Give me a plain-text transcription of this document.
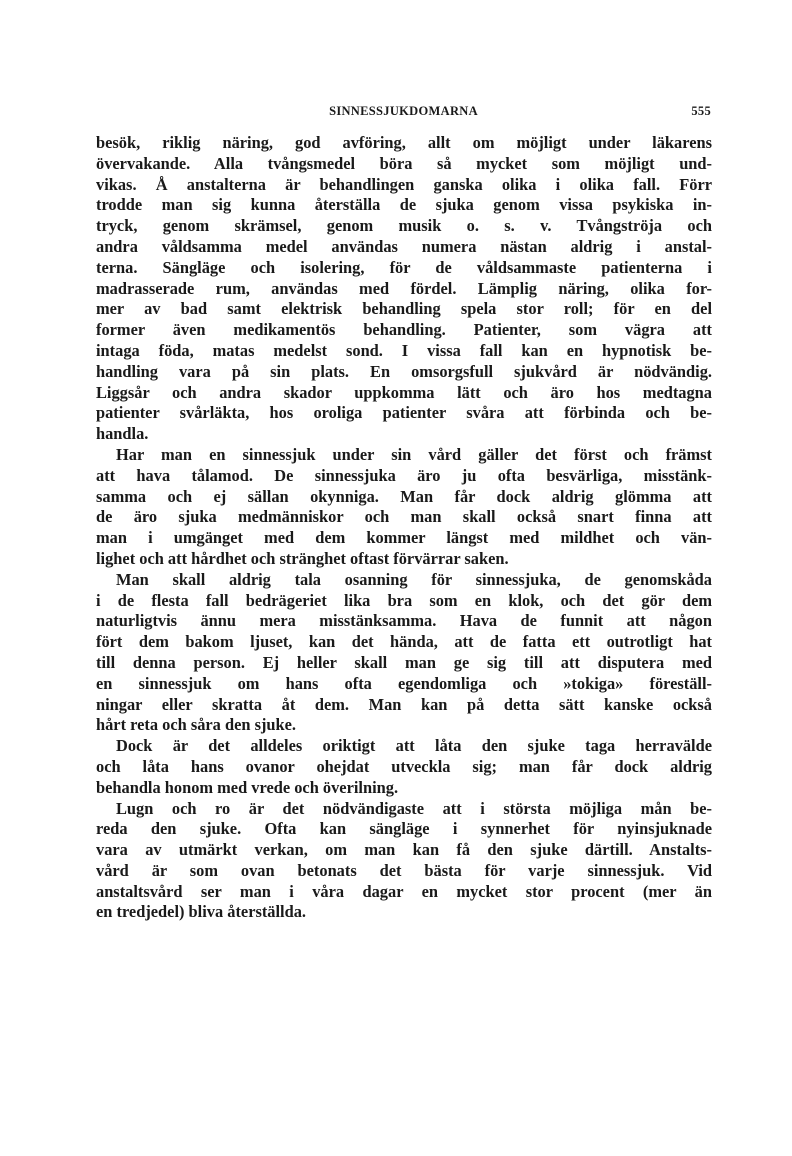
SINNESSJUKDOMARNA	555
besök, riklig näring, god avföring, allt om möjligt under läkarens
övervakande. Alla tvångsmedel böra så mycket som möjligt und-
vikas. Å anstalterna är behandlingen ganska olika i olika fall. Förr
trodde man sig kunna återställa de sjuka genom vissa psykiska in-
tryck, genom skrämsel, genom musik o. s. v. Tvångströja och
andra våldsamma medel användas numera nästan aldrig i anstal-
terna. Sängläge och isolering, för de våldsammaste patienterna i
madrasserade rum, användas med fördel. Lämplig näring, olika for-
mer av bad samt elektrisk behandling spela stor roll; för en del
former även medikamentös behandling. Patienter, som vägra att
intaga föda, matas medelst sond. I vissa fall kan en hypnotisk be-
handling vara på sin plats. En omsorgsfull sjukvård är nödvändig.
Liggsår och andra skador uppkomma lätt och äro hos medtagna
patienter svårläkta, hos oroliga patienter svåra att förbinda och be-
handla.
Har man en sinnessjuk under sin vård gäller det först och främst
att hava tålamod. De sinnessjuka äro ju ofta besvärliga, misstänk-
samma och ej sällan okynniga. Man får dock aldrig glömma att
de äro sjuka medmänniskor och man skall också snart finna att
man i umgänget med dem kommer längst med mildhet och vän-
lighet och att hårdhet och stränghet oftast förvärrar saken.
Man skall aldrig tala osanning för sinnessjuka, de genomskåda
i de flesta fall bedrägeriet lika bra som en klok, och det gör dem
naturligtvis ännu mera misstänksamma. Hava de funnit att någon
fört dem bakom ljuset, kan det hända, att de fatta ett outrotligt hat
till denna person. Ej heller skall man ge sig till att disputera med
en sinnessjuk om hans ofta egendomliga och »tokiga» föreställ-
ningar eller skratta åt dem. Man kan på detta sätt kanske också
hårt reta och såra den sjuke.
Dock är det alldeles oriktigt att låta den sjuke taga herravälde
och låta hans ovanor ohejdat utveckla sig; man får dock aldrig
behandla honom med vrede och överilning.
Lugn och ro är det nödvändigaste att i största möjliga mån be-
reda den sjuke. Ofta kan sängläge i synnerhet för nyinsjuknade
vara av utmärkt verkan, om man kan få den sjuke därtill. Anstalts-
vård är som ovan betonats det bästa för varje sinnessjuk. Vid
anstaltsvård ser man i våra dagar en mycket stor procent (mer än
en tredjedel) bliva återställda.
